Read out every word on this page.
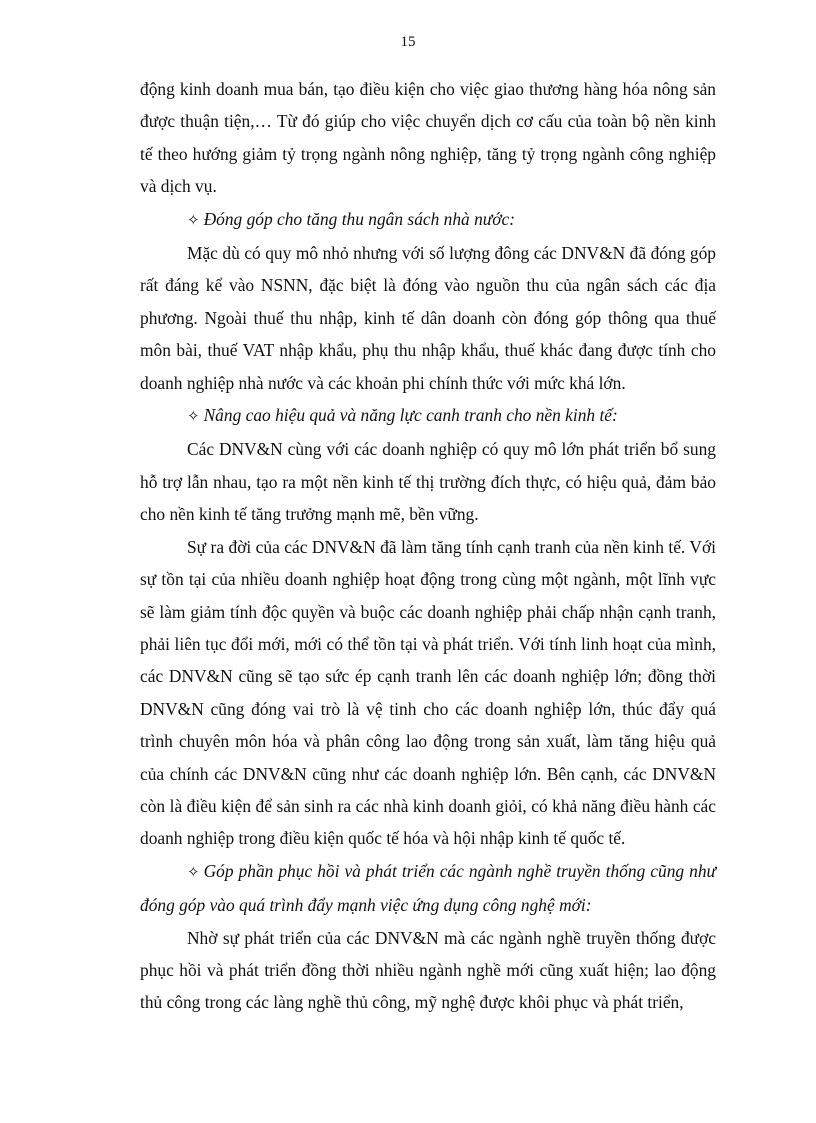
15

động kinh doanh mua bán, tạo điều kiện cho việc giao thương hàng hóa nông sản được thuận tiện,… Từ đó giúp cho việc chuyển dịch cơ cấu của toàn bộ nền kinh tế theo hướng giảm tỷ trọng ngành nông nghiệp, tăng tỷ trọng ngành công nghiệp và dịch vụ.

✧ Đóng góp cho tăng thu ngân sách nhà nước:

Mặc dù có quy mô nhỏ nhưng với số lượng đông các DNV&N đã đóng góp rất đáng kể vào NSNN, đặc biệt là đóng vào nguồn thu của ngân sách các địa phương. Ngoài thuế thu nhập, kinh tế dân doanh còn đóng góp thông qua thuế môn bài, thuế VAT nhập khẩu, phụ thu nhập khẩu, thuế khác đang được tính cho doanh nghiệp nhà nước và các khoản phi chính thức với mức khá lớn.

✧ Nâng cao hiệu quả và năng lực canh tranh cho nền kinh tế:

Các DNV&N cùng với các doanh nghiệp có quy mô lớn phát triển bổ sung hỗ trợ lẫn nhau, tạo ra một nền kinh tế thị trường đích thực, có hiệu quả, đảm bảo cho nền kinh tế tăng trưởng mạnh mẽ, bền vững.

Sự ra đời của các DNV&N đã làm tăng tính cạnh tranh của nền kinh tế. Với sự tồn tại của nhiều doanh nghiệp hoạt động trong cùng một ngành, một lĩnh vực sẽ làm giảm tính độc quyền và buộc các doanh nghiệp phải chấp nhận cạnh tranh, phải liên tục đổi mới, mới có thể tồn tại và phát triển. Với tính linh hoạt của mình, các DNV&N cũng sẽ tạo sức ép cạnh tranh lên các doanh nghiệp lớn; đồng thời DNV&N cũng đóng vai trò là vệ tinh cho các doanh nghiệp lớn, thúc đẩy quá trình chuyên môn hóa và phân công lao động trong sản xuất, làm tăng hiệu quả của chính các DNV&N cũng như các doanh nghiệp lớn. Bên cạnh, các DNV&N còn là điều kiện để sản sinh ra các nhà kinh doanh giỏi, có khả năng điều hành các doanh nghiệp trong điều kiện quốc tế hóa và hội nhập kinh tế quốc tế.

✧ Góp phần phục hồi và phát triển các ngành nghề truyền thống cũng như đóng góp vào quá trình đẩy mạnh việc ứng dụng công nghệ mới:

Nhờ sự phát triển của các DNV&N mà các ngành nghề truyền thống được phục hồi và phát triển đồng thời nhiều ngành nghề mới cũng xuất hiện; lao động thủ công trong các làng nghề thủ công, mỹ nghệ được khôi phục và phát triển,
